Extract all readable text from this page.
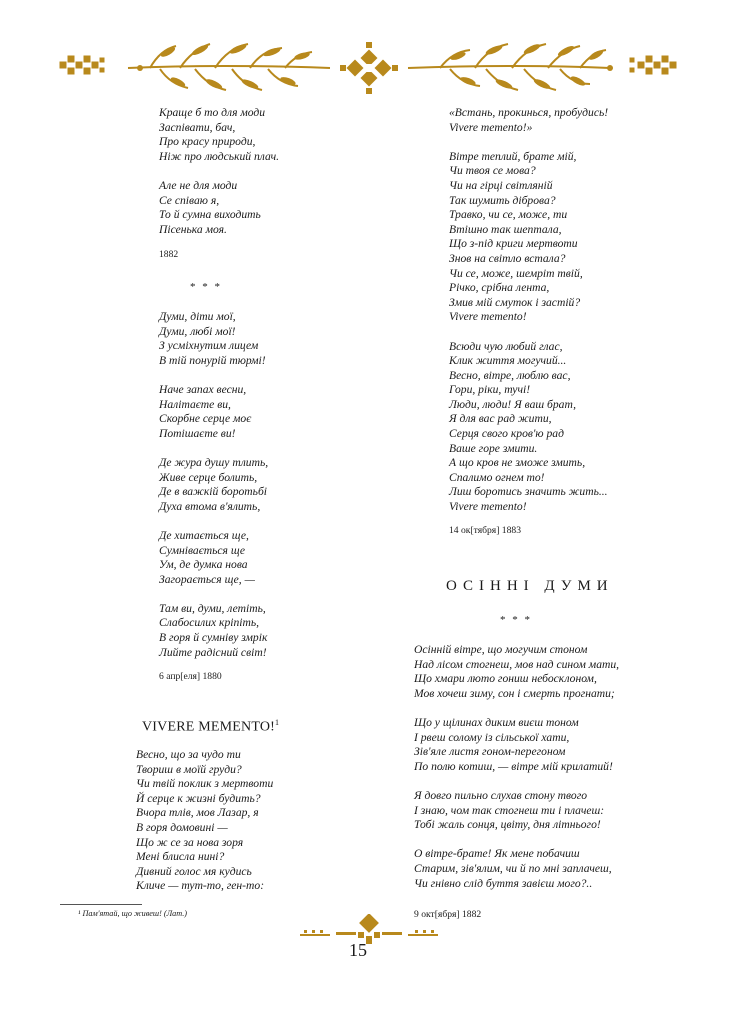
Краще б то для моди
Заспівати, бач,
Про красу природи,
Ніж про людський плач.
Але не для моди
Се співаю я,
То й сумна виходить
Пісенька моя.
1882
* * *
Думи, діти мої,
Думи, любі мої!
З усміхнутим лицем
В тій понурій тюрмі!
Наче запах весни,
Налітаєте ви,
Скорбне серце моє
Потішаєте ви!
Де жура душу тлить,
Живе серце болить,
Де в важкій боротьбі
Духа втома в'ялить,
Де хитається ще,
Сумнівається ще
Ум, де думка нова
Загорається ще, —
Там ви, думи, летіть,
Слабосилих кріпіть,
В горя й сумніву змрік
Лийте радісний світ!
6 апр[еля] 1880
VIVERE MEMENTO!$^1$
Весно, що за чудо ти
Твориш в моїй груди?
Чи твій поклик з мертвоти
Й серце к жизні будить?
Вчора тлів, мов Лазар, я
В горя домовині —
Що ж се за нова зоря
Мені блисла нині?
Дивний голос мя кудись
Кличе — тут-то, ген-то:
¹ Пам'ятай, що живеш! (Лат.)
«Встань, прокинься, пробудись!
Vivere memento!»
Вітре теплий, брате мій,
Чи твоя се мова?
Чи на гірці світляній
Так шумить діброва?
Травко, чи се, може, ти
Втішно так шептала,
Що з-під криги мертвоти
Знов на світло встала?
Чи се, може, шемріт твій,
Річко, срібна лента,
Змив мій смуток і застій?
Vivere memento!
Всюди чую любий глас,
Клик життя могучий...
Весно, вітре, люблю вас,
Гори, ріки, тучі!
Люди, люди! Я ваш брат,
Я для вас рад жити,
Серця свого кров'ю рад
Ваше горе змити.
А що кров не зможе змить,
Спалимо огнем то!
Лиш боротись значить жить...
Vivere memento!
14 ок[тября] 1883
ОСІННІ ДУМИ
* * *
Осінній вітре, що могучим стоном
Над лісом стогнеш, мов над сином мати,
Що хмари люто гониш небосклоном,
Мов хочеш зиму, сон і смерть прогнати;
Що у щілинах диким виєш тоном
І рвеш солому із сільської хати,
Зів'яле листя гоном-перегоном
По полю котиш, — вітре мій крилатий!
Я довго пильно слухав стону твого
І знаю, чом так стогнеш ти і плачеш:
Тобі жаль сонця, цвіту, дня літнього!
О вітре-брате! Як мене побачиш
Старим, зів'ялим, чи й по мні заплачеш,
Чи гнівно слід буття завієш мого?..
9 окт[ября] 1882
15
